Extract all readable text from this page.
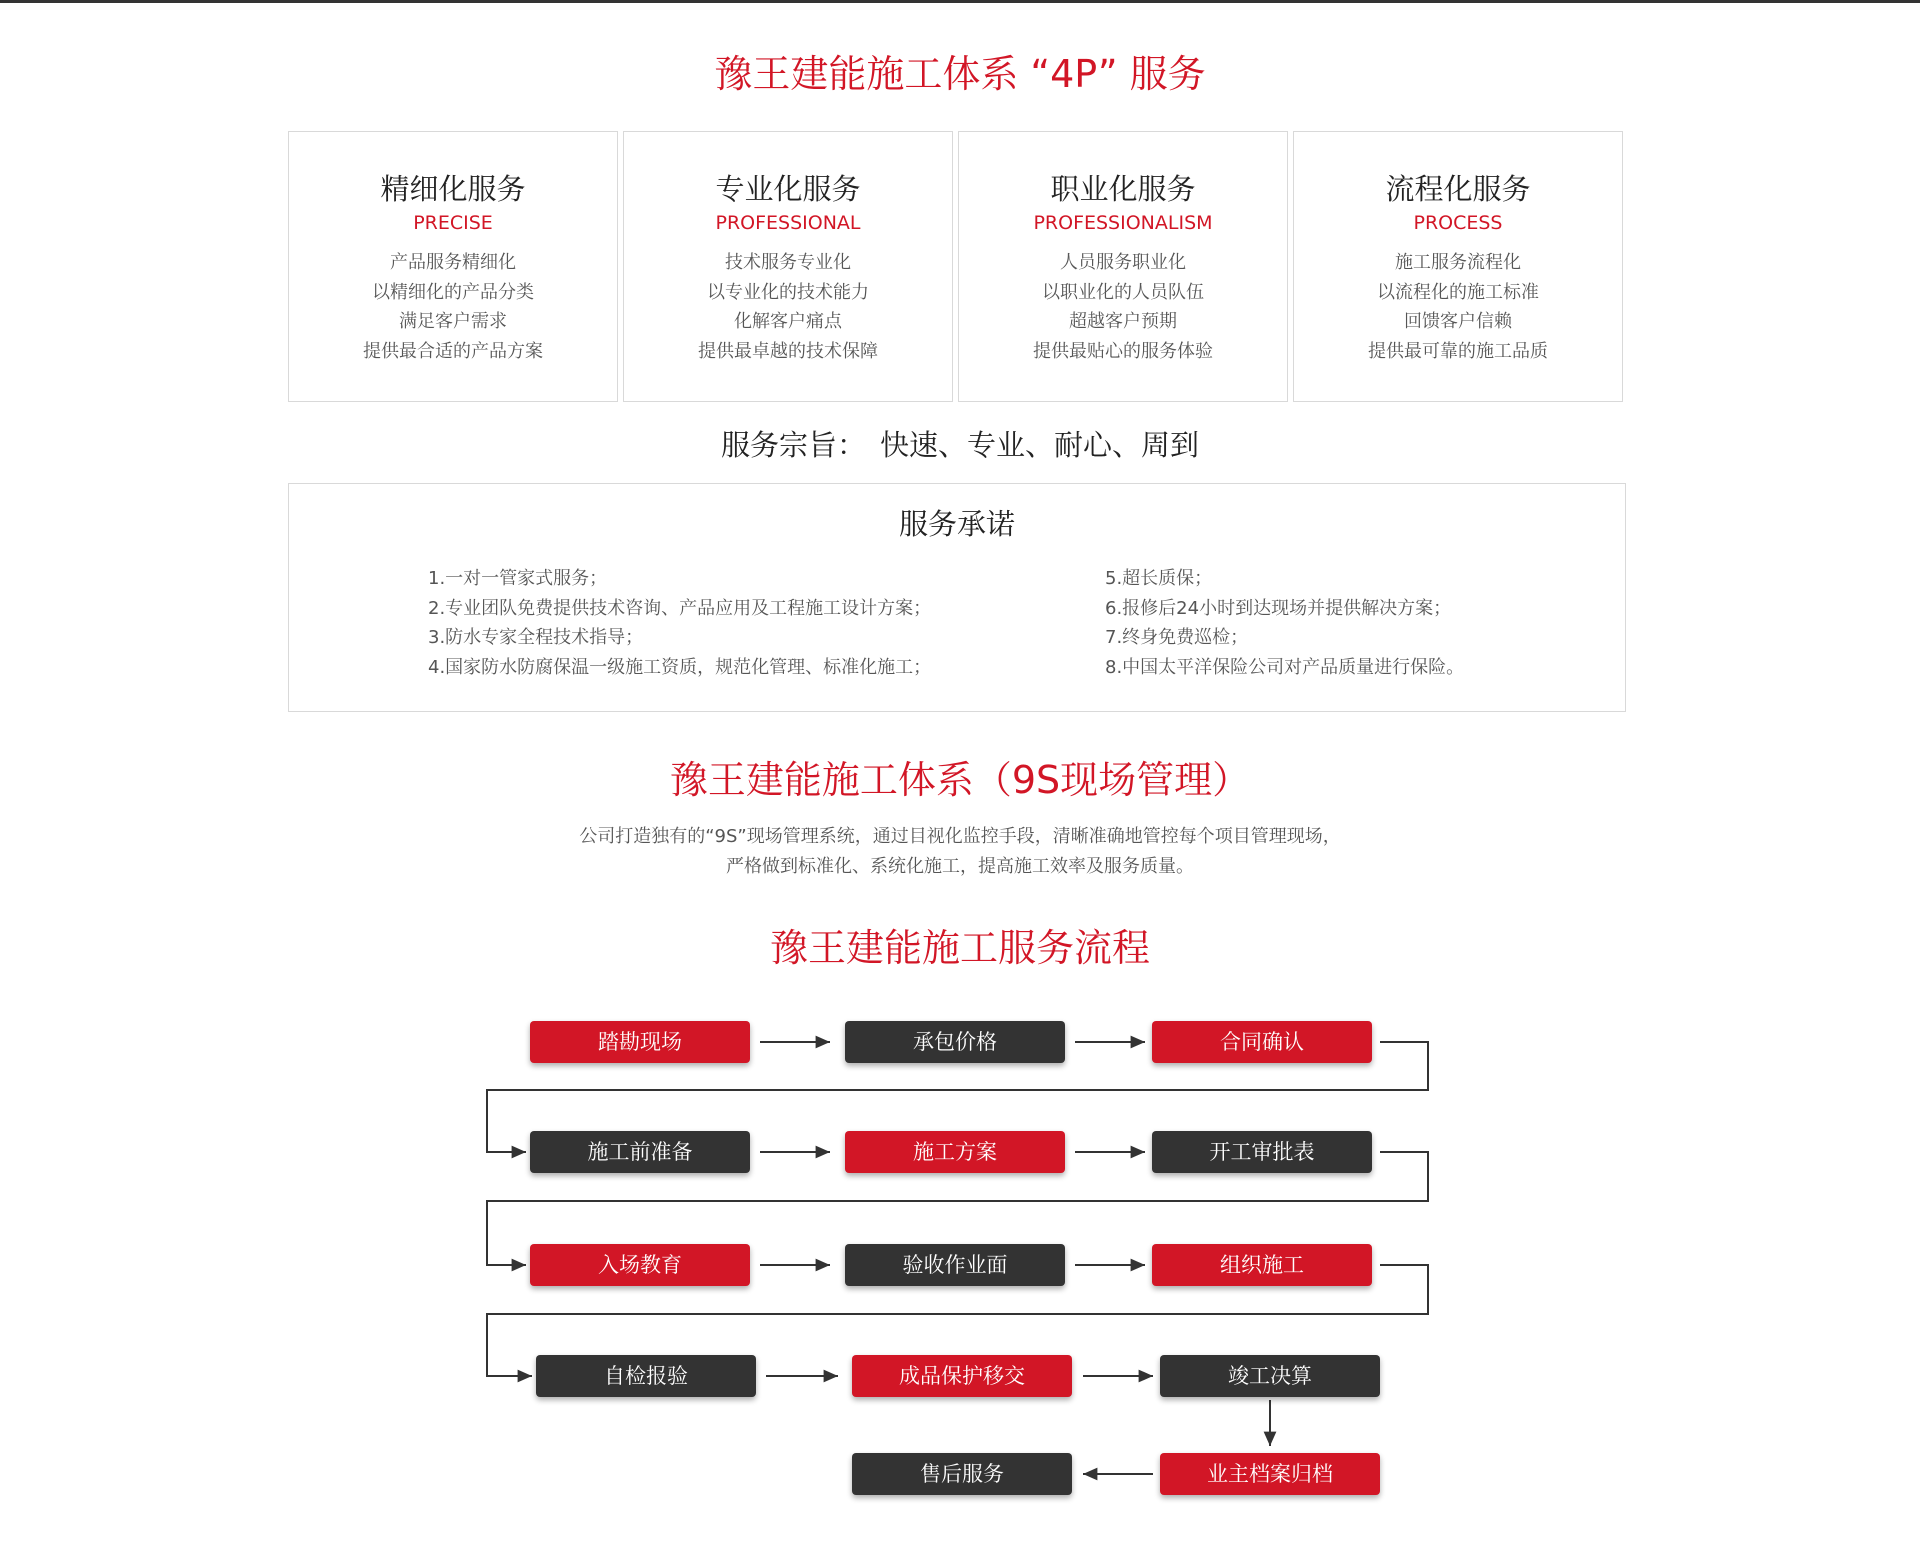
豫王建能施工体系 “4P” 服务
精细化服务
PRECISE
产品服务精细化
以精细化的产品分类
满足客户需求
提供最合适的产品方案
专业化服务
PROFESSIONAL
技术服务专业化
以专业化的技术能力
化解客户痛点
提供最卓越的技术保障
职业化服务
PROFESSIONALISM
人员服务职业化
以职业化的人员队伍
超越客户预期
提供最贴心的服务体验
流程化服务
PROCESS
施工服务流程化
以流程化的施工标准
回馈客户信赖
提供最可靠的施工品质
服务宗旨： 快速、专业、耐心、周到
服务承诺
1.一对一管家式服务；
2.专业团队免费提供技术咨询、产品应用及工程施工设计方案；
3.防水专家全程技术指导；
4.国家防水防腐保温一级施工资质，规范化管理、标准化施工；
5.超长质保；
6.报修后24小时到达现场并提供解决方案；
7.终身免费巡检；
8.中国太平洋保险公司对产品质量进行保险。
豫王建能施工体系（9S现场管理）
公司打造独有的“9S”现场管理系统，通过目视化监控手段，清晰准确地管控每个项目管理现场，
严格做到标准化、系统化施工，提高施工效率及服务质量。
豫王建能施工服务流程
踏勘现场	承包价格	合同确认
施工前准备	施工方案	开工审批表
入场教育	验收作业面	组织施工
自检报验	成品保护移交	竣工决算
业主档案归档
售后服务
